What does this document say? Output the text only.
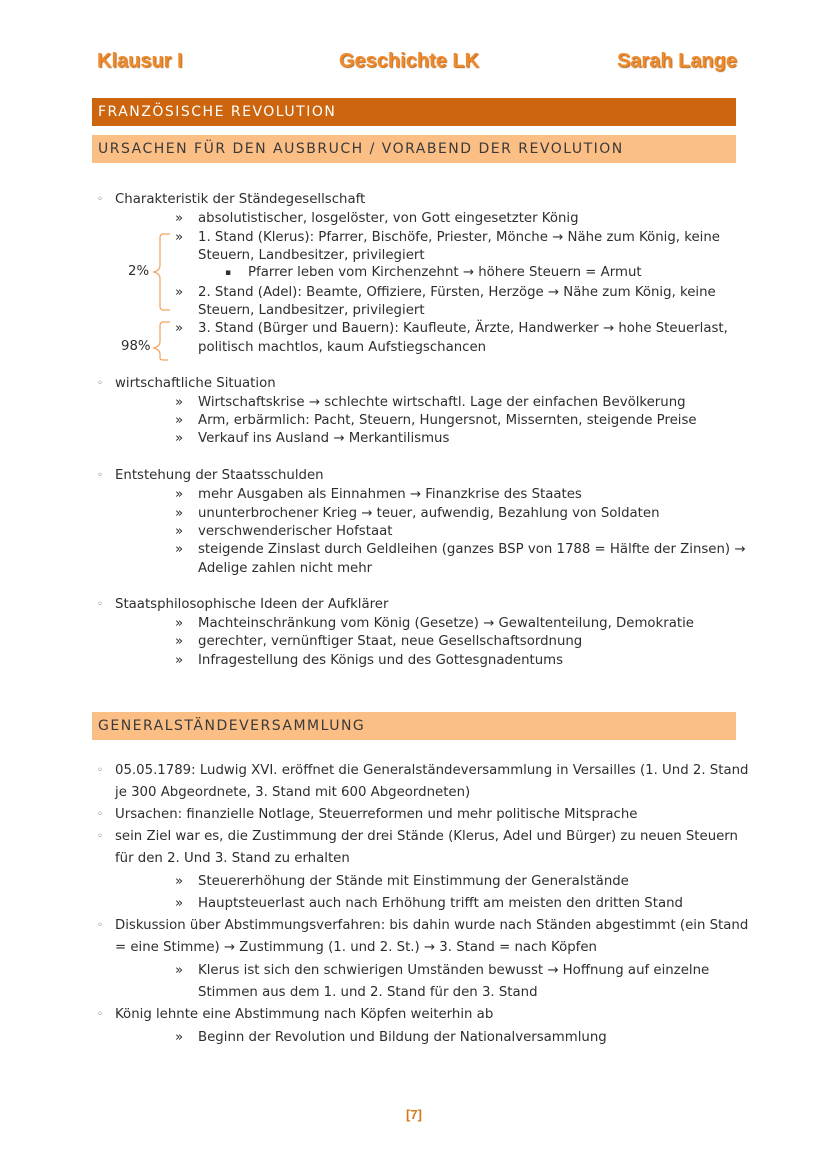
Klausur I	Geschichte LK	Sarah Lange
FRANZÖSISCHE REVOLUTION
URSACHEN FÜR DEN AUSBRUCH / VORABEND DER REVOLUTION
◦ Charakteristik der Ständegesellschaft
» absolutistischer, losgelöster, von Gott eingesetzter König
» 1. Stand (Klerus): Pfarrer, Bischöfe, Priester, Mönche → Nähe zum König, keine
Steuern, Landbesitzer, privilegiert
▪ Pfarrer leben vom Kirchenzehnt → höhere Steuern = Armut
» 2. Stand (Adel): Beamte, Offiziere, Fürsten, Herzöge → Nähe zum König, keine
Steuern, Landbesitzer, privilegiert
» 3. Stand (Bürger und Bauern): Kaufleute, Ärzte, Handwerker → hohe Steuerlast,
politisch machtlos, kaum Aufstiegschancen
2%
98%
◦ wirtschaftliche Situation
» Wirtschaftskrise → schlechte wirtschaftl. Lage der einfachen Bevölkerung
» Arm, erbärmlich: Pacht, Steuern, Hungersnot, Missernten, steigende Preise
» Verkauf ins Ausland → Merkantilismus
◦ Entstehung der Staatsschulden
» mehr Ausgaben als Einnahmen → Finanzkrise des Staates
» ununterbrochener Krieg → teuer, aufwendig, Bezahlung von Soldaten
» verschwenderischer Hofstaat
» steigende Zinslast durch Geldleihen (ganzes BSP von 1788 = Hälfte der Zinsen) →
Adelige zahlen nicht mehr
◦ Staatsphilosophische Ideen der Aufklärer
» Machteinschränkung vom König (Gesetze) → Gewaltenteilung, Demokratie
» gerechter, vernünftiger Staat, neue Gesellschaftsordnung
» Infragestellung des Königs und des Gottesgnadentums
GENERALSTÄNDEVERSAMMLUNG
◦ 05.05.1789: Ludwig XVI. eröffnet die Generalständeversammlung in Versailles (1. Und 2. Stand
je 300 Abgeordnete, 3. Stand mit 600 Abgeordneten)
◦ Ursachen: finanzielle Notlage, Steuerreformen und mehr politische Mitsprache
◦ sein Ziel war es, die Zustimmung der drei Stände (Klerus, Adel und Bürger) zu neuen Steuern
für den 2. Und 3. Stand zu erhalten
» Steuererhöhung der Stände mit Einstimmung der Generalstände
» Hauptsteuerlast auch nach Erhöhung trifft am meisten den dritten Stand
◦ Diskussion über Abstimmungsverfahren: bis dahin wurde nach Ständen abgestimmt (ein Stand
= eine Stimme) → Zustimmung (1. und 2. St.) → 3. Stand = nach Köpfen
» Klerus ist sich den schwierigen Umständen bewusst → Hoffnung auf einzelne
Stimmen aus dem 1. und 2. Stand für den 3. Stand
◦ König lehnte eine Abstimmung nach Köpfen weiterhin ab
» Beginn der Revolution und Bildung der Nationalversammlung
[7]
